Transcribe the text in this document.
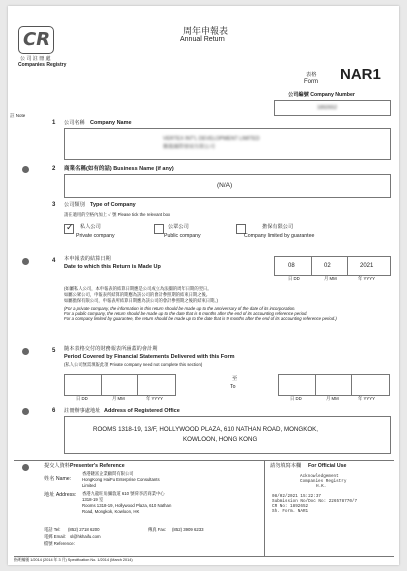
CR
公 司 註 冊 處
Companies Registry
周年申報表
Annual Return
表格
Form NAR1
公司編號 Company Number
1892652
註 Note
1 公司名稱 Company Name
VERTEX INT'L DEVELOPMENT LIMITED
騰龍國際發展有限公司
2 商業名稱(如有的話) Business Name (if any)
(N/A)
3 公司類別 Type of Company
請在適用的空格內加上 ✓ 號 Please tick the relevant box
✓ 私人公司
Private company
公眾公司
Public company
擔保有限公司
Company limited by guarantee
4 本申報表的結算日期
Date to which this Return is Made Up	08	02	2021
日 DD	月 MM	年 YYYY
(如屬私人公司，本申報表的結算日期應是公司成立為法團的周年日期的翌日。
如屬公眾公司，申報表所結算的期應為該公司的會計參照期的結束日期之後。
如屬擔保有限公司，申報表所結算日期應為該公司的會計參照期之後的結束日期。)
(For a private company, the information in this return should be made up to the anniversary of the date of its incorporation.
For a public company, the return should be made up to the date that is 6 months after the end of its accounting reference period.
For a company limited by guarantee, the return should be made up to the date that is 9 months after the end of its accounting reference period.)
5 隨本表格交付的財務報表所涵蓋的會計期
Period Covered by Financial Statements Delivered with this Form
(私人公司無需填報此項 Private company need not complete this section)
日 DD	月 MM	年 YYYY
至
To
日 DD	月 MM	年 YYYY
6 註冊辦事處地址 Address of Registered Office
ROOMS 1318-19, 13/F, HOLLYWOOD PLAZA, 610 NATHAN ROAD, MONGKOK,
KOWLOON, HONG KONG
提交人資料 Presenter's Reference
姓名 Name:
香港鏈富企業顧問有限公司
HongKong HaiFu Enterprise Consultants
Limited
地址 Address: 香港九龍旺角彌敦道 610 號荷李活商業中心
1318-19 室
Rooms 1318-19, Hollywood Plaza, 610 Nathan
Road, Mongkok, Kowloon, HK
電話 Tel: (852) 2718 6200	傳真 Fax: (852) 3909 6233
電郵 Email: sl@hkhaifu.com
檔號 Reference:
請勿填寫本欄 For Official Use
Acknowledgement
Companies Registry
H.K.
08/02/2021 15:22:37
Submission No/Doc No: 226578770/7
CR No: 1892652
Sh. Form. NAR1
指明編號 1/2014 (2014 年 3 月) Specification No. 1/2014 (March 2014)
